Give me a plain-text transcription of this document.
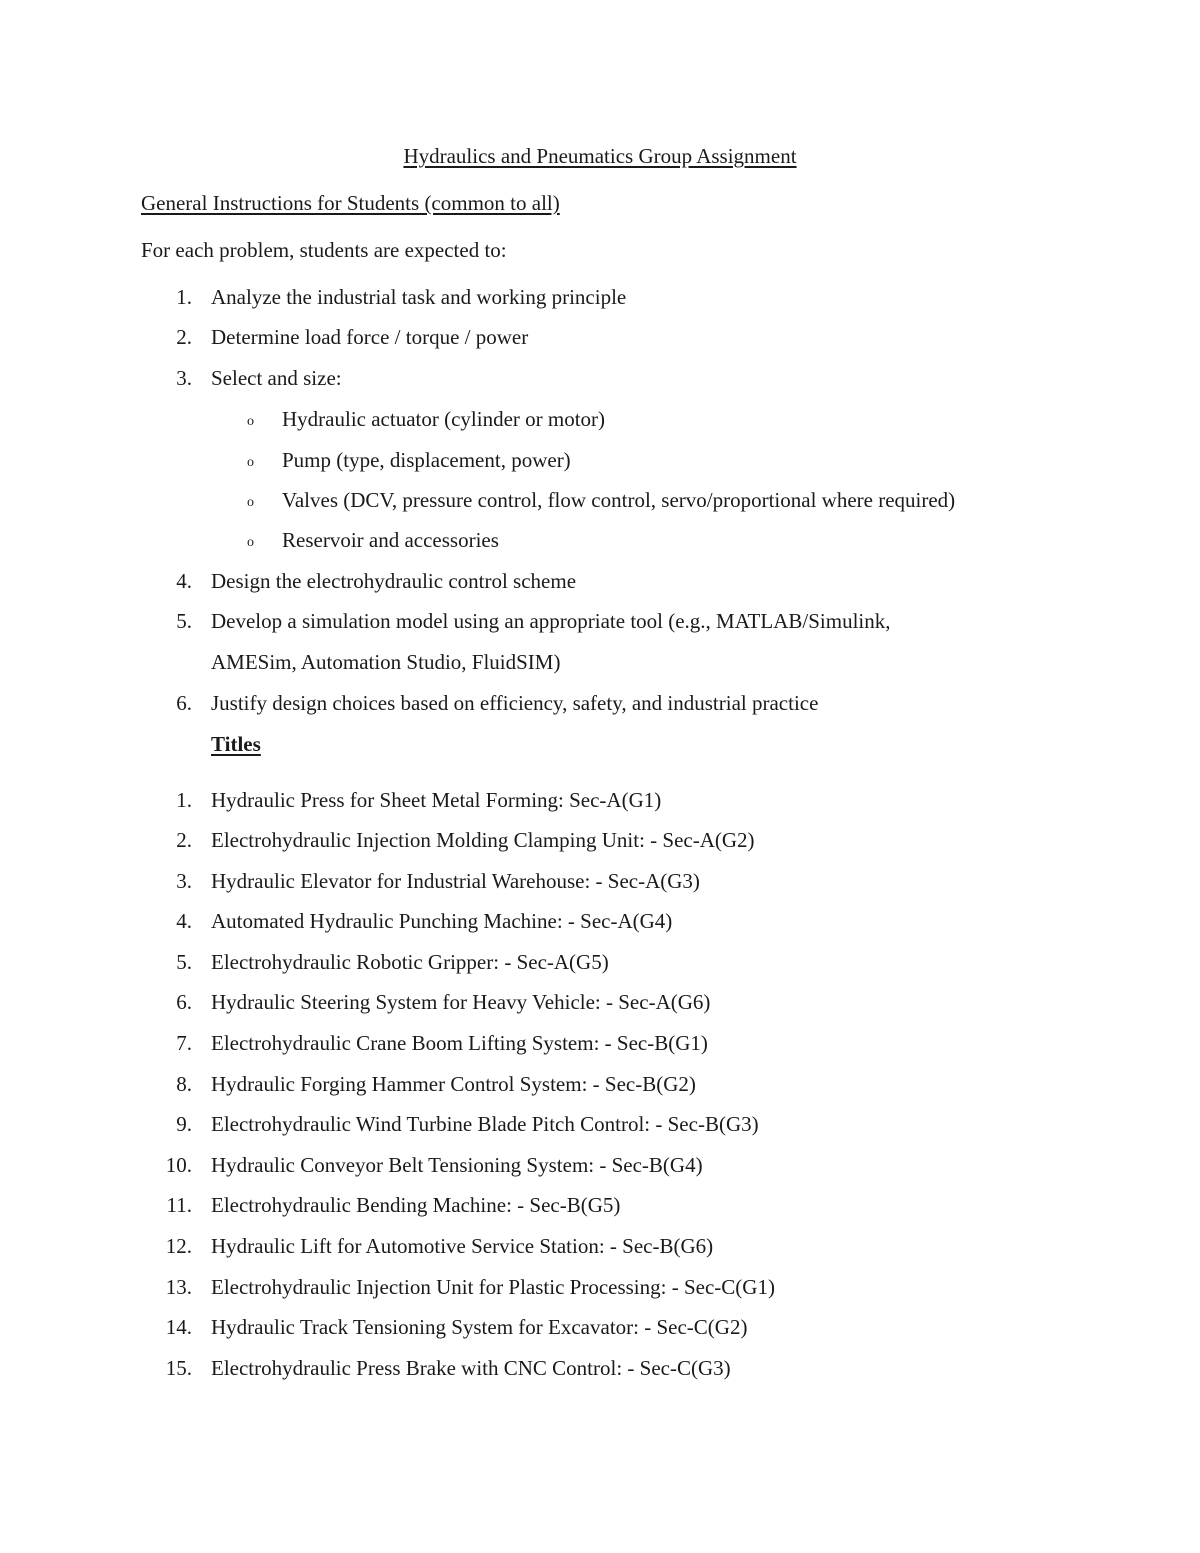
Hydraulics and Pneumatics Group Assignment
General Instructions for Students (common to all)
For each problem, students are expected to:
1. Analyze the industrial task and working principle
2. Determine load force / torque / power
3. Select and size:
o Hydraulic actuator (cylinder or motor)
o Pump (type, displacement, power)
o Valves (DCV, pressure control, flow control, servo/proportional where required)
o Reservoir and accessories
4. Design the electrohydraulic control scheme
5. Develop a simulation model using an appropriate tool (e.g., MATLAB/Simulink,
AMESim, Automation Studio, FluidSIM)
6. Justify design choices based on efficiency, safety, and industrial practice
Titles
1. Hydraulic Press for Sheet Metal Forming: Sec-A(G1)
2. Electrohydraulic Injection Molding Clamping Unit: - Sec-A(G2)
3. Hydraulic Elevator for Industrial Warehouse: - Sec-A(G3)
4. Automated Hydraulic Punching Machine: - Sec-A(G4)
5. Electrohydraulic Robotic Gripper: - Sec-A(G5)
6. Hydraulic Steering System for Heavy Vehicle: - Sec-A(G6)
7. Electrohydraulic Crane Boom Lifting System: - Sec-B(G1)
8. Hydraulic Forging Hammer Control System: - Sec-B(G2)
9. Electrohydraulic Wind Turbine Blade Pitch Control: - Sec-B(G3)
10. Hydraulic Conveyor Belt Tensioning System: - Sec-B(G4)
11. Electrohydraulic Bending Machine: - Sec-B(G5)
12. Hydraulic Lift for Automotive Service Station: - Sec-B(G6)
13. Electrohydraulic Injection Unit for Plastic Processing: - Sec-C(G1)
14. Hydraulic Track Tensioning System for Excavator: - Sec-C(G2)
15. Electrohydraulic Press Brake with CNC Control: - Sec-C(G3)
